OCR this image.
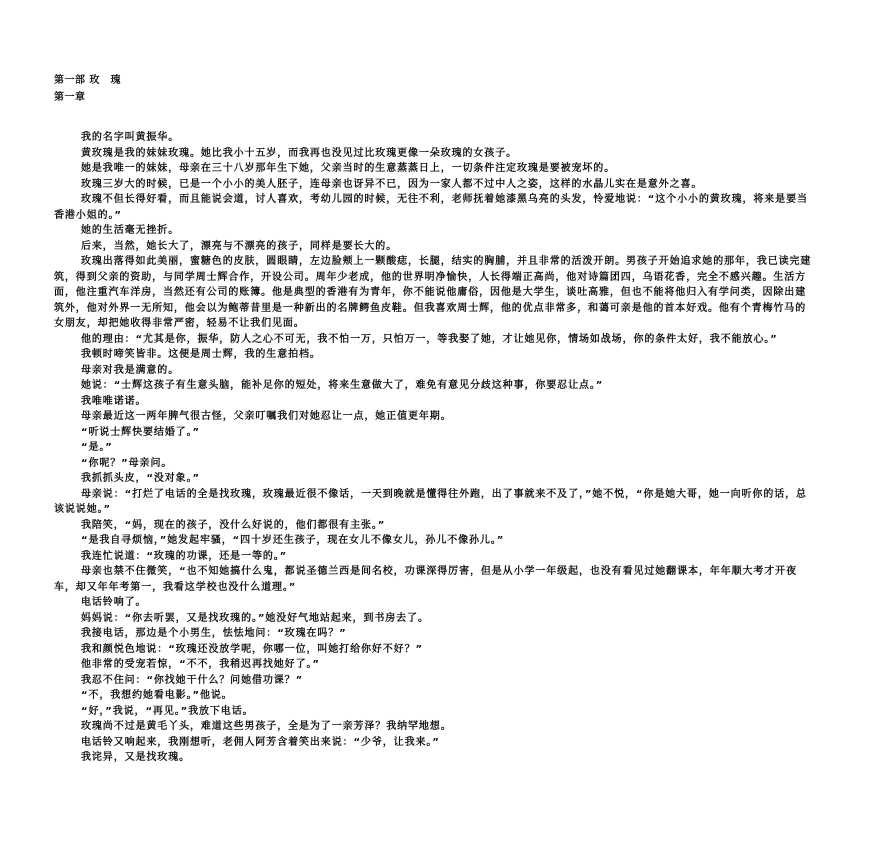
第一部 玫　瑰
第一章

我的名字叫黄振华。

黄玫瑰是我的妹妹玫瑰。她比我小十五岁，而我再也没见过比玫瑰更像一朵玫瑰的女孩子。

她是我唯一的妹妹，母亲在三十八岁那年生下她，父亲当时的生意蒸蒸日上，一切条件注定玫瑰是要被宠坏的。

玫瑰三岁大的时候，已是一个小小的美人胚子，连母亲也讶异不已，因为一家人都不过中人之姿，这样的水晶儿实在是意外之喜。

玫瑰不但长得好看，而且能说会道，讨人喜欢，考幼儿园的时候，无往不利，老师抚着她漆黑乌亮的头发，怜爱地说：“这个小小的黄玫瑰，将来是要当香港小姐的。”

她的生活毫无挫折。

后来，当然，她长大了，漂亮与不漂亮的孩子，同样是要长大的。

玫瑰出落得如此美丽，蜜糖色的皮肤，圆眼睛，左边脸颊上一颗酸痣，长腿，结实的胸脯，并且非常的活泼开朗。男孩子开始追求她的那年，我已读完建筑，得到父亲的资助，与同学周士辉合作，开设公司。周年少老成，他的世界明净愉快，人长得端正高尚，他对诗篇团四，乌语花香，完全不感兴趣。生活方面，他注重汽车洋房，当然还有公司的账簿。他是典型的香港有为青年，你不能说他庸俗，因他是大学生，谈吐高雅，但也不能将他归入有学问类，因除出建筑外，他对外界一无所知，他会以为鲍蒂昔里是一种新出的名牌鳄鱼皮鞋。但我喜欢周士辉，他的优点非常多，和蔼可亲是他的首本好戏。他有个青梅竹马的女朋友，却把她收得非常严密，轻易不让我们见面。

他的理由：“尤其是你，振华，防人之心不可无，我不怕一万，只怕万一，等我娶了她，才让她见你，情场如战场，你的条件太好，我不能放心。”

我顿时啼笑皆非。这便是周士辉，我的生意拍档。

母亲对我是满意的。

她说：“士辉这孩子有生意头脑，能补足你的短处，将来生意做大了，难免有意见分歧这种事，你要忍让点。”

我唯唯诺诺。

母亲最近这一两年脾气很古怪，父亲叮嘱我们对她忍让一点，她正值更年期。

“听说士辉快要结婚了。”

“是。”

“你呢？”母亲问。

我抓抓头皮，“没对象。”

母亲说：“打烂了电话的全是找玫瑰，玫瑰最近很不像话，一天到晚就是懂得往外跑，出了事就来不及了，”她不悦，“你是她大哥，她一向听你的话，总该说说她。”

我陪笑，“妈，现在的孩子，没什么好说的，他们都很有主张。”

“是我自寻烦恼，”她发起牢骚，“四十岁还生孩子，现在女儿不像女儿，孙儿不像孙儿。”

我连忙说道：“玫瑰的功课，还是一等的。”

母亲也禁不住微笑，“也不知她搞什么鬼，都说圣德兰西是间名校，功课深得厉害，但是从小学一年级起，也没有看见过她翻课本，年年顺大考才开夜车，却又年年考第一，我看这学校也没什么道理。”

电话铃响了。

妈妈说：“你去听罢，又是找玫瑰的。”她没好气地站起来，到书房去了。

我接电话，那边是个小男生，怯怯地问：“玫瑰在吗？”

我和颜悦色地说：“玫瑰还没放学呢，你哪一位，叫她打给你好不好？”

他非常的受宠若惊，“不不，我稍迟再找她好了。”

我忍不住问：“你找她干什么？问她借功课？”

“不，我想约她看电影。”他说。

“好，”我说，“再见。”我放下电话。

玫瑰尚不过是黄毛丫头，难道这些男孩子，全是为了一亲芳泽？我纳罕地想。

电话铃又响起来，我刚想听，老佣人阿芳含着笑出来说：“少爷，让我来。”

我诧异，又是找玫瑰。
